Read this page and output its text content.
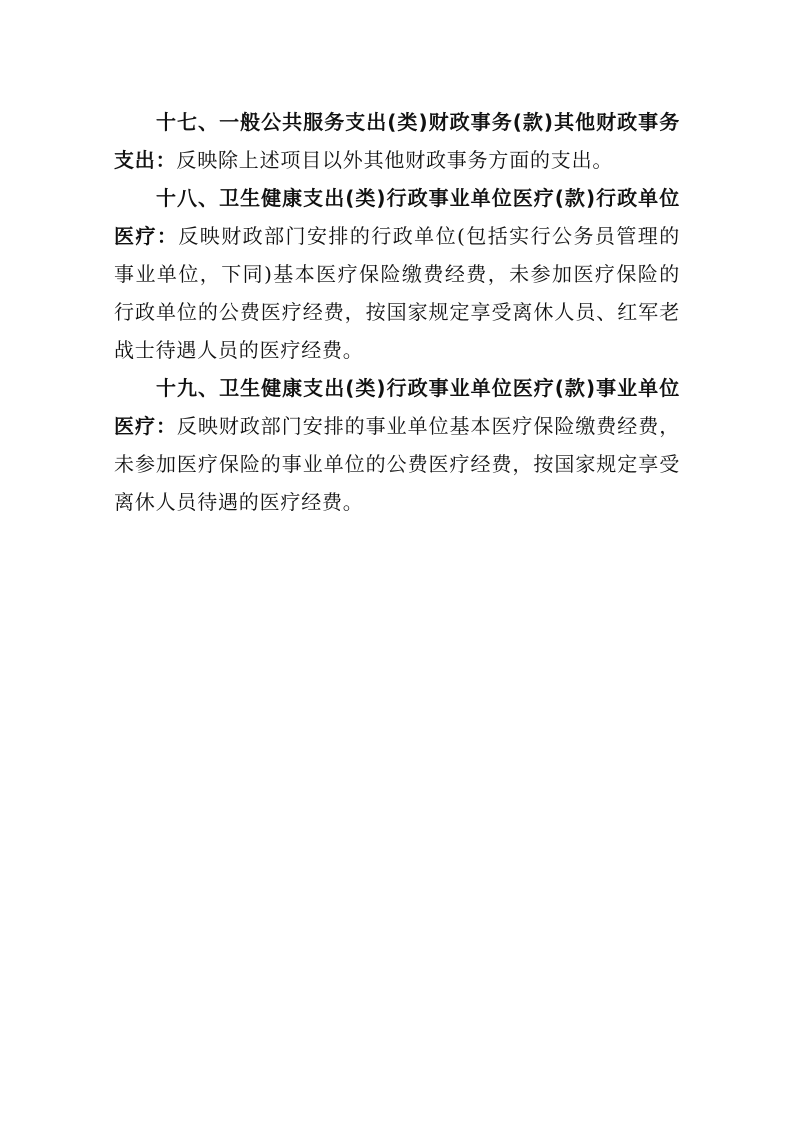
十七、一般公共服务支出(类)财政事务(款)其他财政事务支出：反映除上述项目以外其他财政事务方面的支出。

十八、卫生健康支出(类)行政事业单位医疗(款)行政单位医疗：反映财政部门安排的行政单位(包括实行公务员管理的事业单位，下同)基本医疗保险缴费经费，未参加医疗保险的行政单位的公费医疗经费，按国家规定享受离休人员、红军老战士待遇人员的医疗经费。

十九、卫生健康支出(类)行政事业单位医疗(款)事业单位医疗：反映财政部门安排的事业单位基本医疗保险缴费经费，未参加医疗保险的事业单位的公费医疗经费，按国家规定享受离休人员待遇的医疗经费。
